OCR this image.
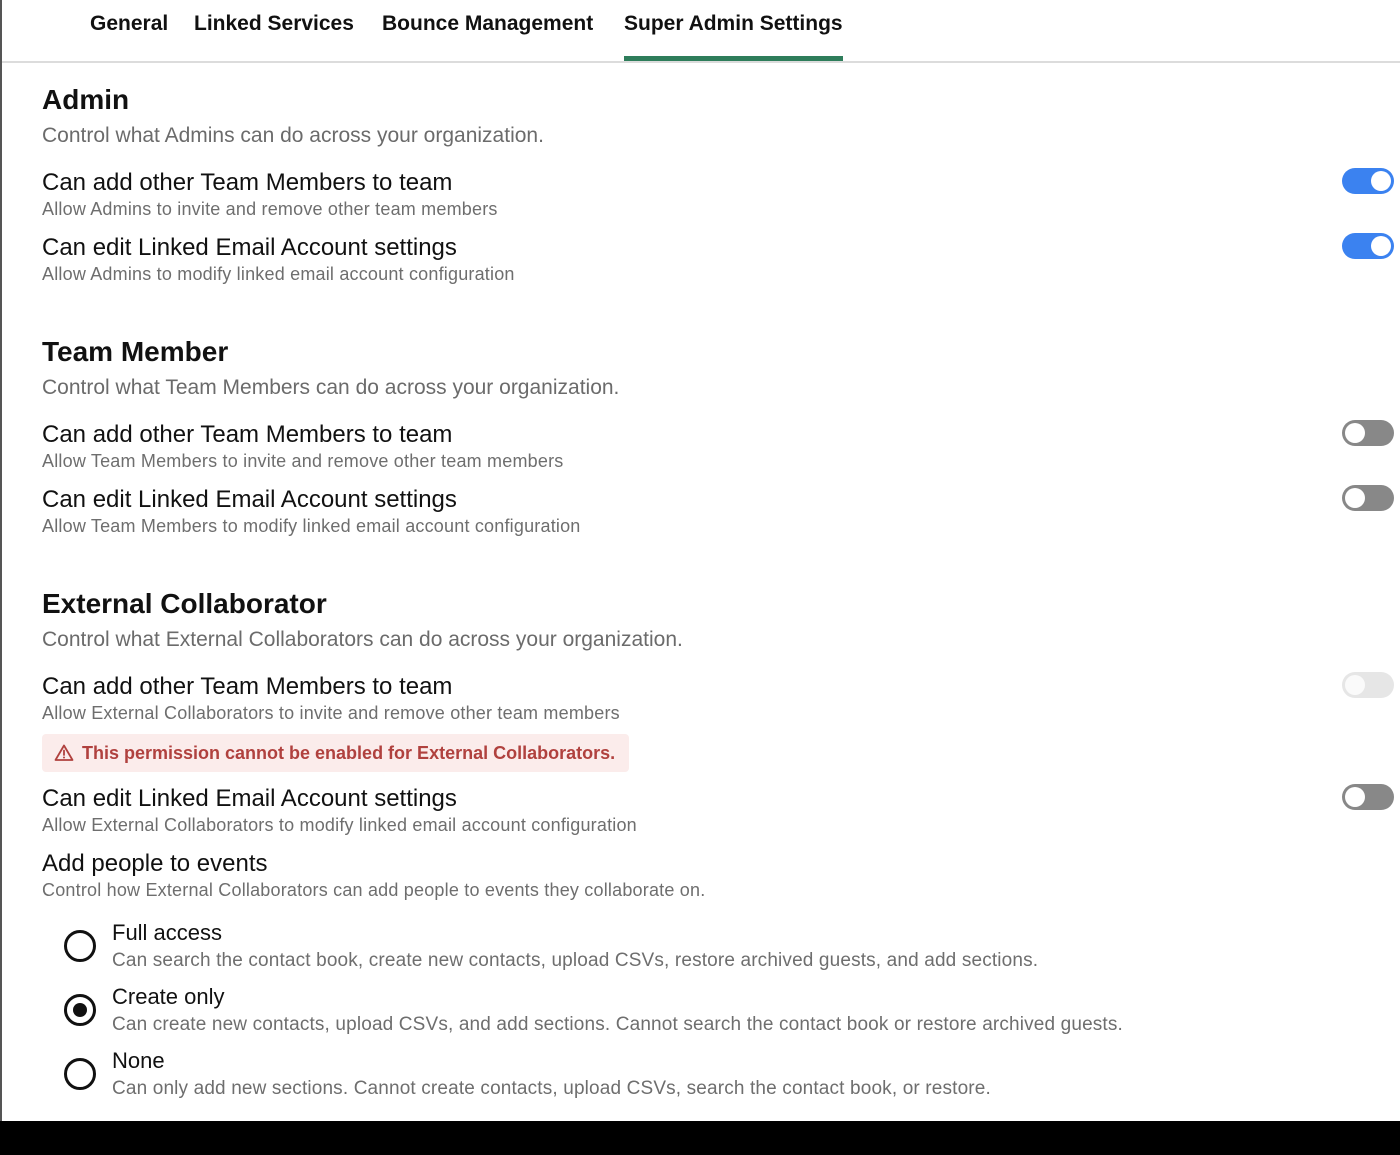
General Linked Services Bounce Management Super Admin Settings
Admin
Control what Admins can do across your organization.
Can add other Team Members to team
Allow Admins to invite and remove other team members
Can edit Linked Email Account settings
Allow Admins to modify linked email account configuration
Team Member
Control what Team Members can do across your organization.
Can add other Team Members to team
Allow Team Members to invite and remove other team members
Can edit Linked Email Account settings
Allow Team Members to modify linked email account configuration
External Collaborator
Control what External Collaborators can do across your organization.
Can add other Team Members to team
Allow External Collaborators to invite and remove other team members
This permission cannot be enabled for External Collaborators.
Can edit Linked Email Account settings
Allow External Collaborators to modify linked email account configuration
Add people to events
Control how External Collaborators can add people to events they collaborate on.
Full access
Can search the contact book, create new contacts, upload CSVs, restore archived guests, and add sections.
Create only
Can create new contacts, upload CSVs, and add sections. Cannot search the contact book or restore archived guests.
None
Can only add new sections. Cannot create contacts, upload CSVs, search the contact book, or restore.
